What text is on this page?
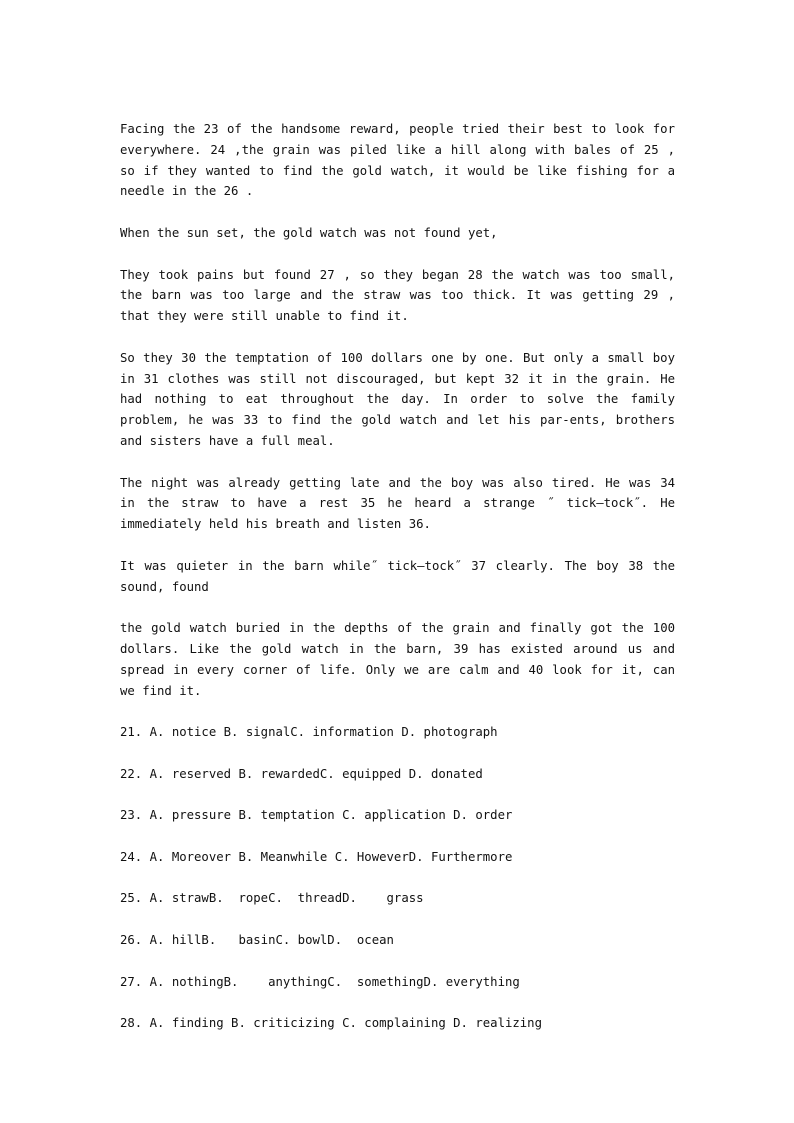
Facing the 23 of the handsome reward, people tried their best to look for everywhere. 24 ,the grain was piled like a hill along with bales of 25 , so if they wanted to find the gold watch, it would be like fishing for a needle in the 26 .

When the sun set, the gold watch was not found yet,

They took pains but found 27 , so they began 28 the watch was too small, the barn was too large and the straw was too thick. It was getting 29 , that they were still unable to find it.

So they 30 the temptation of 100 dollars one by one. But only a small boy in 31 clothes was still not discouraged, but kept 32 it in the grain. He had nothing to eat throughout the day. In order to solve the family problem, he was 33 to find the gold watch and let his par-ents, brothers and sisters have a full meal.

The night was already getting late and the boy was also tired. He was 34 in the straw to have a rest 35 he heard a strange ˝ tick—tock˝. He immediately held his breath and listen 36.

It was quieter in the barn while˝ tick—tock˝ 37 clearly. The boy 38 the sound, found

the gold watch buried in the depths of the grain and finally got the 100 dollars. Like the gold watch in the barn, 39 has existed around us and spread in every corner of life. Only we are calm and 40 look for it, can we find it.

21. A. notice B. signalC. information D. photograph
22. A. reserved B. rewardedC. equipped D. donated
23. A. pressure B. temptation C. application D. order
24. A. Moreover B. Meanwhile C. HoweverD. Furthermore
25. A. strawB.  ropeC.  threadD.    grass
26. A. hillB.   basinC. bowlD.  ocean
27. A. nothingB.    anythingC.  somethingD. everything
28. A. finding B. criticizing C. complaining D. realizing
